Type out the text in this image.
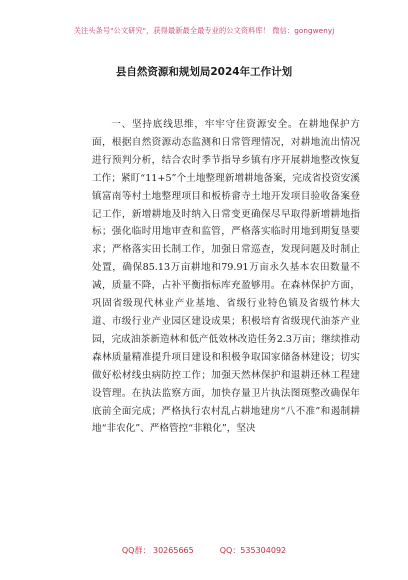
关注头条号"公文研究"，获得最新最全最专业的公文资料库！ 微信：gongwenyj
县自然资源和规划局2024年工作计划

一、坚持底线思维，牢牢守住资源安全。在耕地保护方面，根据自然资源动态监测和日常管理情况，对耕地流出情况进行预判分析，结合农时季节指导乡镇有序开展耕地整改恢复工作；紧盯“11+5”个土地整理新增耕地备案，完成省投资安溪镇富南等村土地整理项目和板桥畲寺土地开发项目验收备案登记工作，新增耕地及时纳入日常变更确保尽早取得新增耕地指标；强化临时用地审查和监管，严格落实临时用地到期复垦要求；严格落实田长制工作，加强日常巡查，发现问题及时制止处置，确保85.13万亩耕地和79.91万亩永久基本农田数量不减，质量不降，占补平衡指标库充盈够用。在森林保护方面，巩固省级现代林业产业基地、省级行业特色镇及省级竹林大道、市级行业产业园区建设成果；积极培育省级现代油茶产业园，完成油茶新造林和低产低效林改造任务2.3万亩；继续推动森林质量精准提升项目建设和积极争取国家储备林建设；切实做好松材线虫病防控工作；加强天然林保护和退耕还林工程建设管理。在执法监察方面，加快存量卫片执法图斑整改确保年底前全面完成；严格执行农村乱占耕地建房“八不准”和遏制耕地“非农化”、严格管控“非粮化”，坚决

QQ群： 30265665	QQ：535304092
